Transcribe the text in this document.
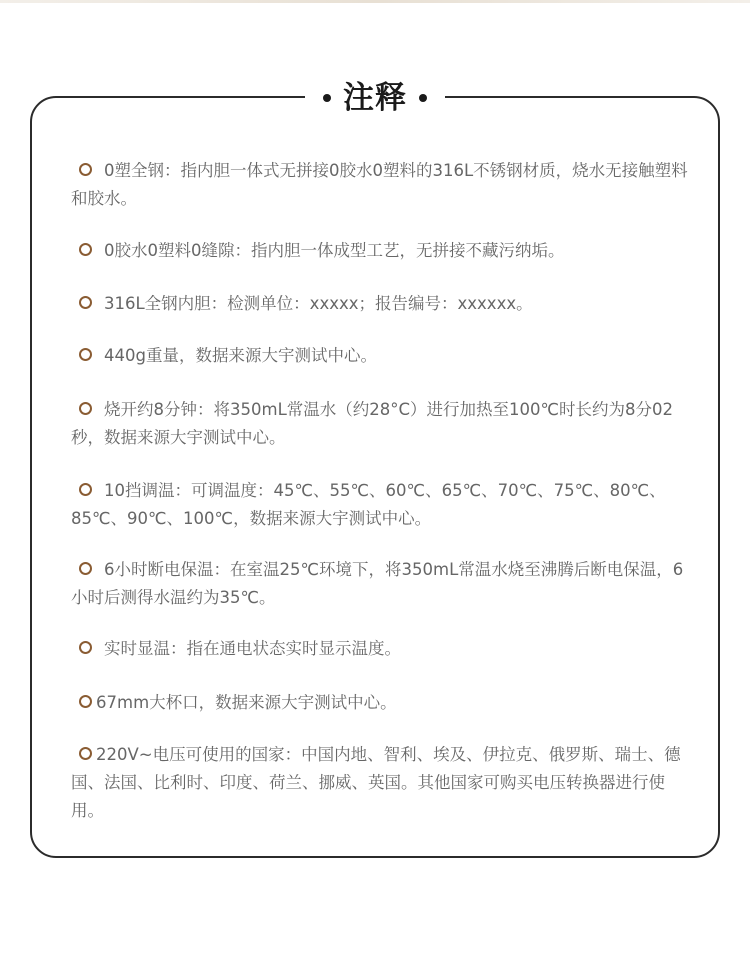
注释
0塑全钢：指内胆一体式无拼接0胶水0塑料的316L不锈钢材质，烧水无接触塑料和胶水。
0胶水0塑料0缝隙：指内胆一体成型工艺，无拼接不藏污纳垢。
316L全钢内胆：检测单位：xxxxx；报告编号：xxxxxx。
440g重量，数据来源大宇测试中心。
烧开约8分钟：将350mL常温水（约28°C）进行加热至100℃时长约为8分02秒，数据来源大宇测试中心。
10挡调温：可调温度：45℃、55℃、60℃、65℃、70℃、75℃、80℃、85℃、90℃、100℃，数据来源大宇测试中心。
6小时断电保温：在室温25℃环境下，将350mL常温水烧至沸腾后断电保温，6小时后测得水温约为35℃。
实时显温：指在通电状态实时显示温度。
67mm大杯口，数据来源大宇测试中心。
220V~电压可使用的国家：中国内地、智利、埃及、伊拉克、俄罗斯、瑞士、德国、法国、比利时、印度、荷兰、挪威、英国。其他国家可购买电压转换器进行使用。
